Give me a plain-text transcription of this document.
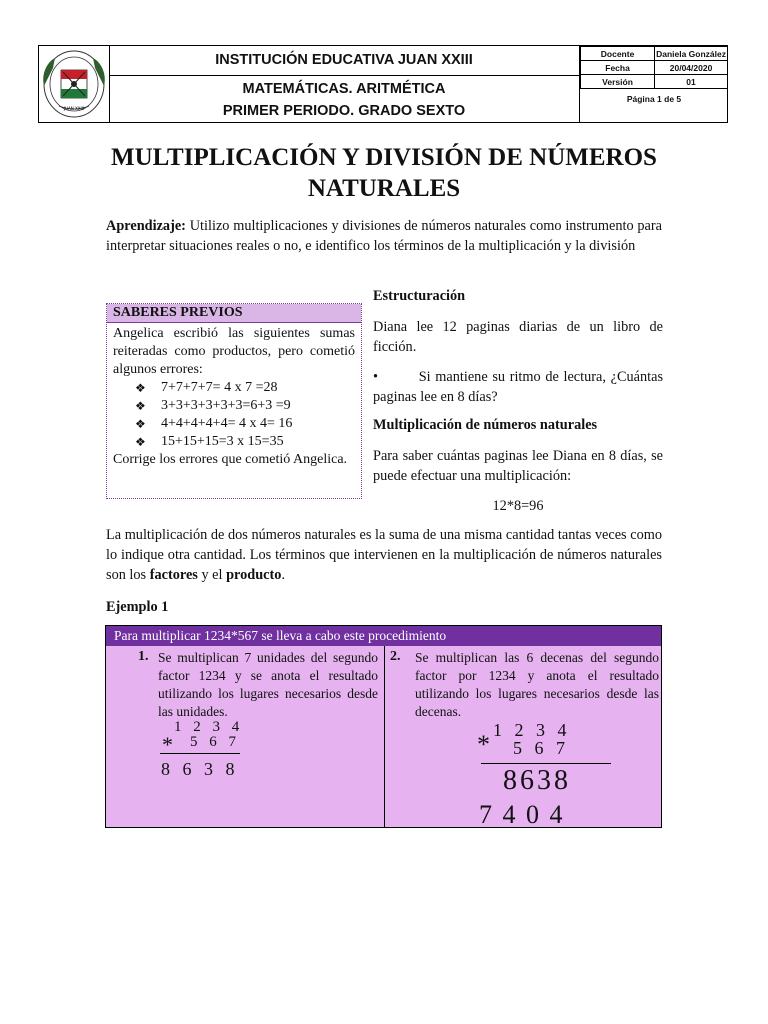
JUAN XXIII
INSTITUCIÓN EDUCATIVA JUAN XXIII
MATEMÁTICAS. ARITMÉTICA
PRIMER PERIODO. GRADO SEXTO
Docente	Daniela González
Fecha	20/04/2020
Versión	01
Página 1 de 5
MULTIPLICACIÓN Y DIVISIÓN DE NÚMEROS NATURALES
Aprendizaje: Utilizo multiplicaciones y divisiones de números naturales como instrumento para interpretar situaciones reales o no, e identifico los términos de la multiplicación y la división
SABERES PREVIOS
Angelica escribió las siguientes sumas reiteradas como productos, pero cometió algunos errores:
❖ 7+7+7+7= 4 x 7 =28
❖ 3+3+3+3+3+3=6+3 =9
❖ 4+4+4+4+4= 4 x 4= 16
❖ 15+15+15=3 x 15=35
Corrige los errores que cometió Angelica.
Estructuración
Diana lee 12 paginas diarias de un libro de ficción.
•	Si mantiene su ritmo de lectura, ¿Cuántas paginas lee en 8 días?
Multiplicación de números naturales
Para saber cuántas paginas lee Diana en 8 días, se puede efectuar una multiplicación:
12*8=96
La multiplicación de dos números naturales es la suma de una misma cantidad tantas veces como lo indique otra cantidad. Los términos que intervienen en la multiplicación de números naturales son los factores y el producto.
Ejemplo 1
Para multiplicar 1234*567 se lleva a cabo este procedimiento
1. Se multiplican 7 unidades del segundo factor 1234 y se anota el resultado utilizando los lugares necesarios desde las unidades.
*
1 2 3 4
5 6 7
8 6 3 8
2. Se multiplican las 6 decenas del segundo factor por 1234 y anota el resultado utilizando los lugares necesarios desde las decenas.
* 1 2 3 4
5 6 7
8638
7 4 0 4
